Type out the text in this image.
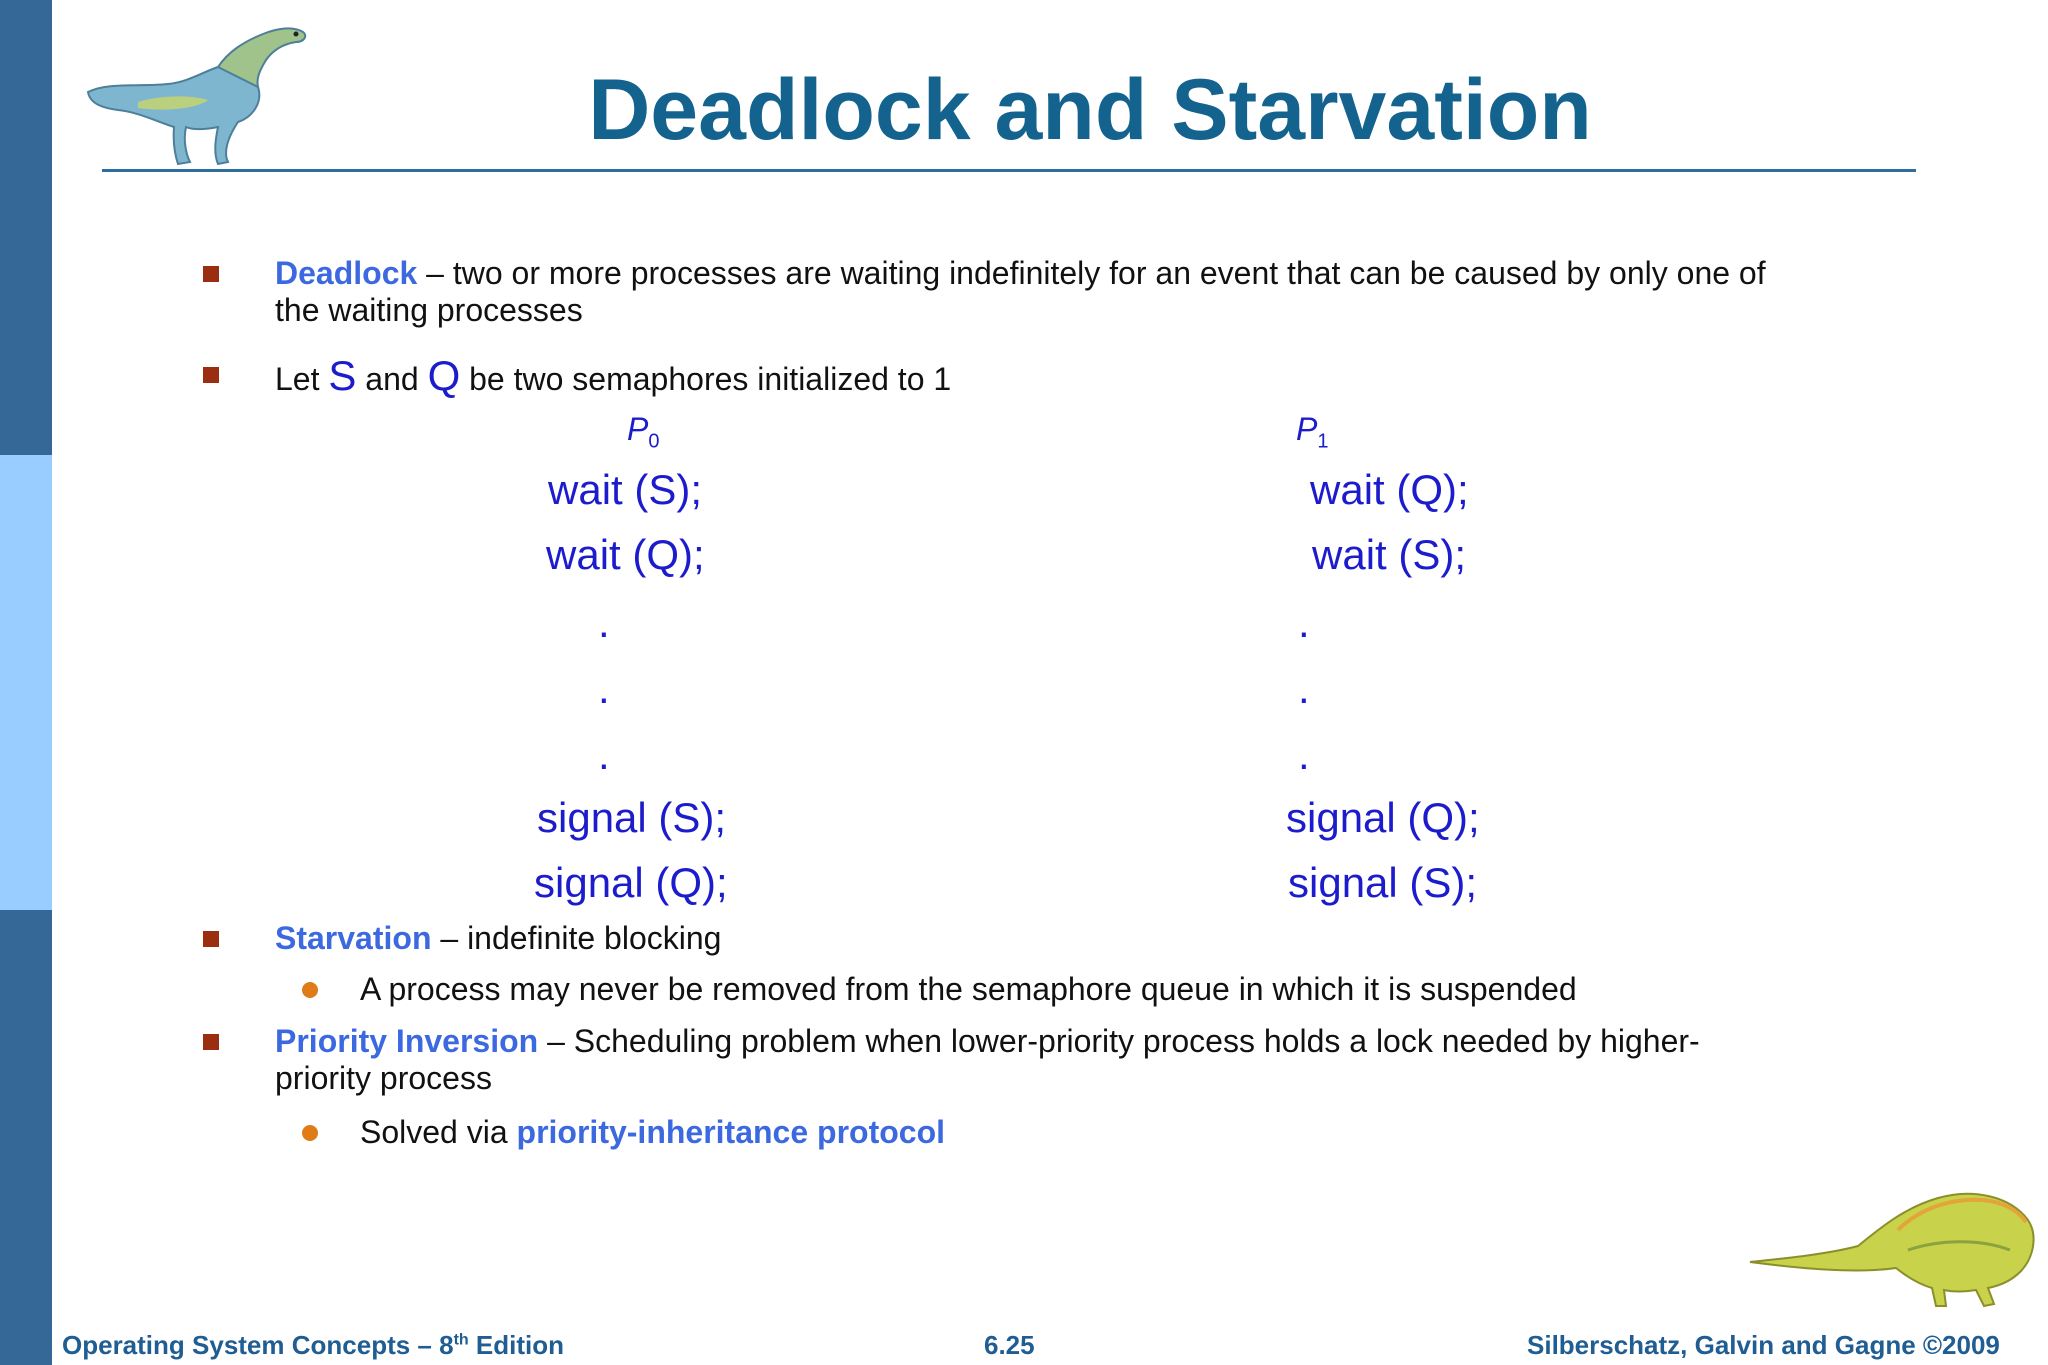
Deadlock and Starvation
Deadlock – two or more processes are waiting indefinitely for an event that can be caused by only one of
the waiting processes
Let S and Q be two semaphores initialized to 1
$P_0$
wait (S);
wait (Q);
.
.
.
signal (S);
signal (Q);
$P_1$
wait (Q);
wait (S);
.
.
.
signal (Q);
signal (S);
Starvation – indefinite blocking
A process may never be removed from the semaphore queue in which it is suspended
Priority Inversion – Scheduling problem when lower-priority process holds a lock needed by higher-
priority process
Solved via priority-inheritance protocol
Operating System Concepts – 8th Edition	6.25	Silberschatz, Galvin and Gagne ©2009
